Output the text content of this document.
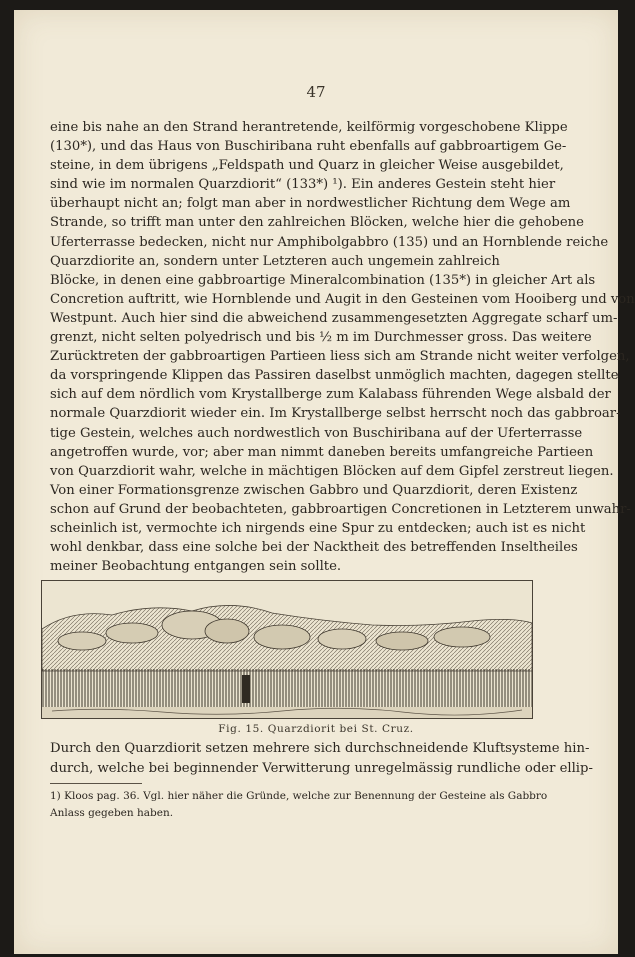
47
eine bis nahe an den Strand herantretende, keilförmig vorgeschobene Klippe
(130*), und das Haus von Buschiribana ruht ebenfalls auf gabbroartigem Ge-
steine, in dem übrigens „Feldspath und Quarz in gleicher Weise ausgebildet,
sind wie im normalen Quarzdiorit“ (133*) ¹). Ein anderes Gestein steht hier
überhaupt nicht an; folgt man aber in nordwestlicher Richtung dem Wege am
Strande, so trifft man unter den zahlreichen Blöcken, welche hier die gehobene
Uferterrasse bedecken, nicht nur Amphibolgabbro (135) und an Hornblende reiche
Quarzdiorite an, sondern unter Letzteren auch ungemein zahlreich
Blöcke, in denen eine gabbroartige Mineralcombination (135*) in gleicher Art als
Concretion auftritt, wie Hornblende und Augit in den Gesteinen vom Hooiberg und von
Westpunt. Auch hier sind die abweichend zusammengesetzten Aggregate scharf um-
grenzt, nicht selten polyedrisch und bis ½ m im Durchmesser gross. Das weitere
Zurücktreten der gabbroartigen Partieen liess sich am Strande nicht weiter verfolgen,
da vorspringende Klippen das Passiren daselbst unmöglich machten, dagegen stellte
sich auf dem nördlich vom Krystallberge zum Kalabass führenden Wege alsbald der
normale Quarzdiorit wieder ein. Im Krystallberge selbst herrscht noch das gabbroar-
tige Gestein, welches auch nordwestlich von Buschiribana auf der Uferterrasse
angetroffen wurde, vor; aber man nimmt daneben bereits umfangreiche Partieen
von Quarzdiorit wahr, welche in mächtigen Blöcken auf dem Gipfel zerstreut liegen.
Von einer Formationsgrenze zwischen Gabbro und Quarzdiorit, deren Existenz
schon auf Grund der beobachteten, gabbroartigen Concretionen in Letzterem unwahr-
scheinlich ist, vermochte ich nirgends eine Spur zu entdecken; auch ist es nicht
wohl denkbar, dass eine solche bei der Nacktheit des betreffenden Inseltheiles
meiner Beobachtung entgangen sein sollte.
Fig. 15. Quarzdiorit bei St. Cruz.
Durch den Quarzdiorit setzen mehrere sich durchschneidende Kluftsysteme hin-
durch, welche bei beginnender Verwitterung unregelmässig rundliche oder ellip-
1) Kloos pag. 36. Vgl. hier näher die Gründe, welche zur Benennung der Gesteine als Gabbro
Anlass gegeben haben.
